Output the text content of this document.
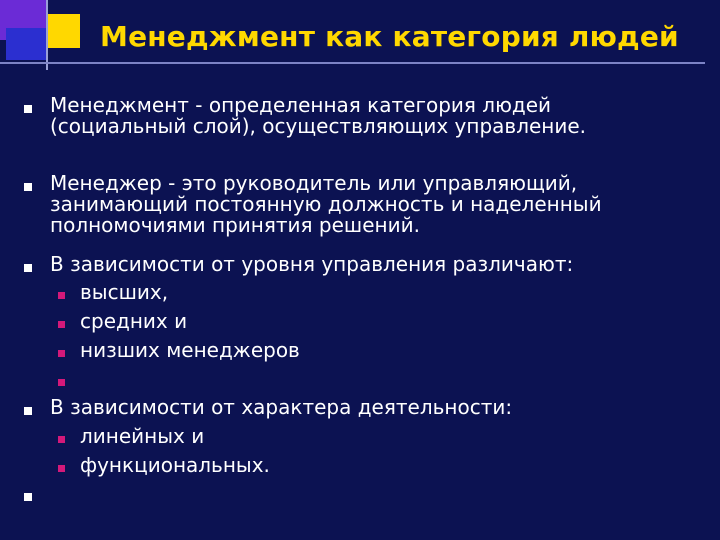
Менеджмент как категория людей
Менеджмент - определенная категория людей
(социальный слой), осуществляющих управление.
Менеджер - это руководитель или управляющий,
занимающий постоянную должность и наделенный
полномочиями принятия решений.
В зависимости от уровня управления различают:
высших,
средних и
низших менеджеров
В зависимости от характера деятельности:
линейных и
функциональных.
